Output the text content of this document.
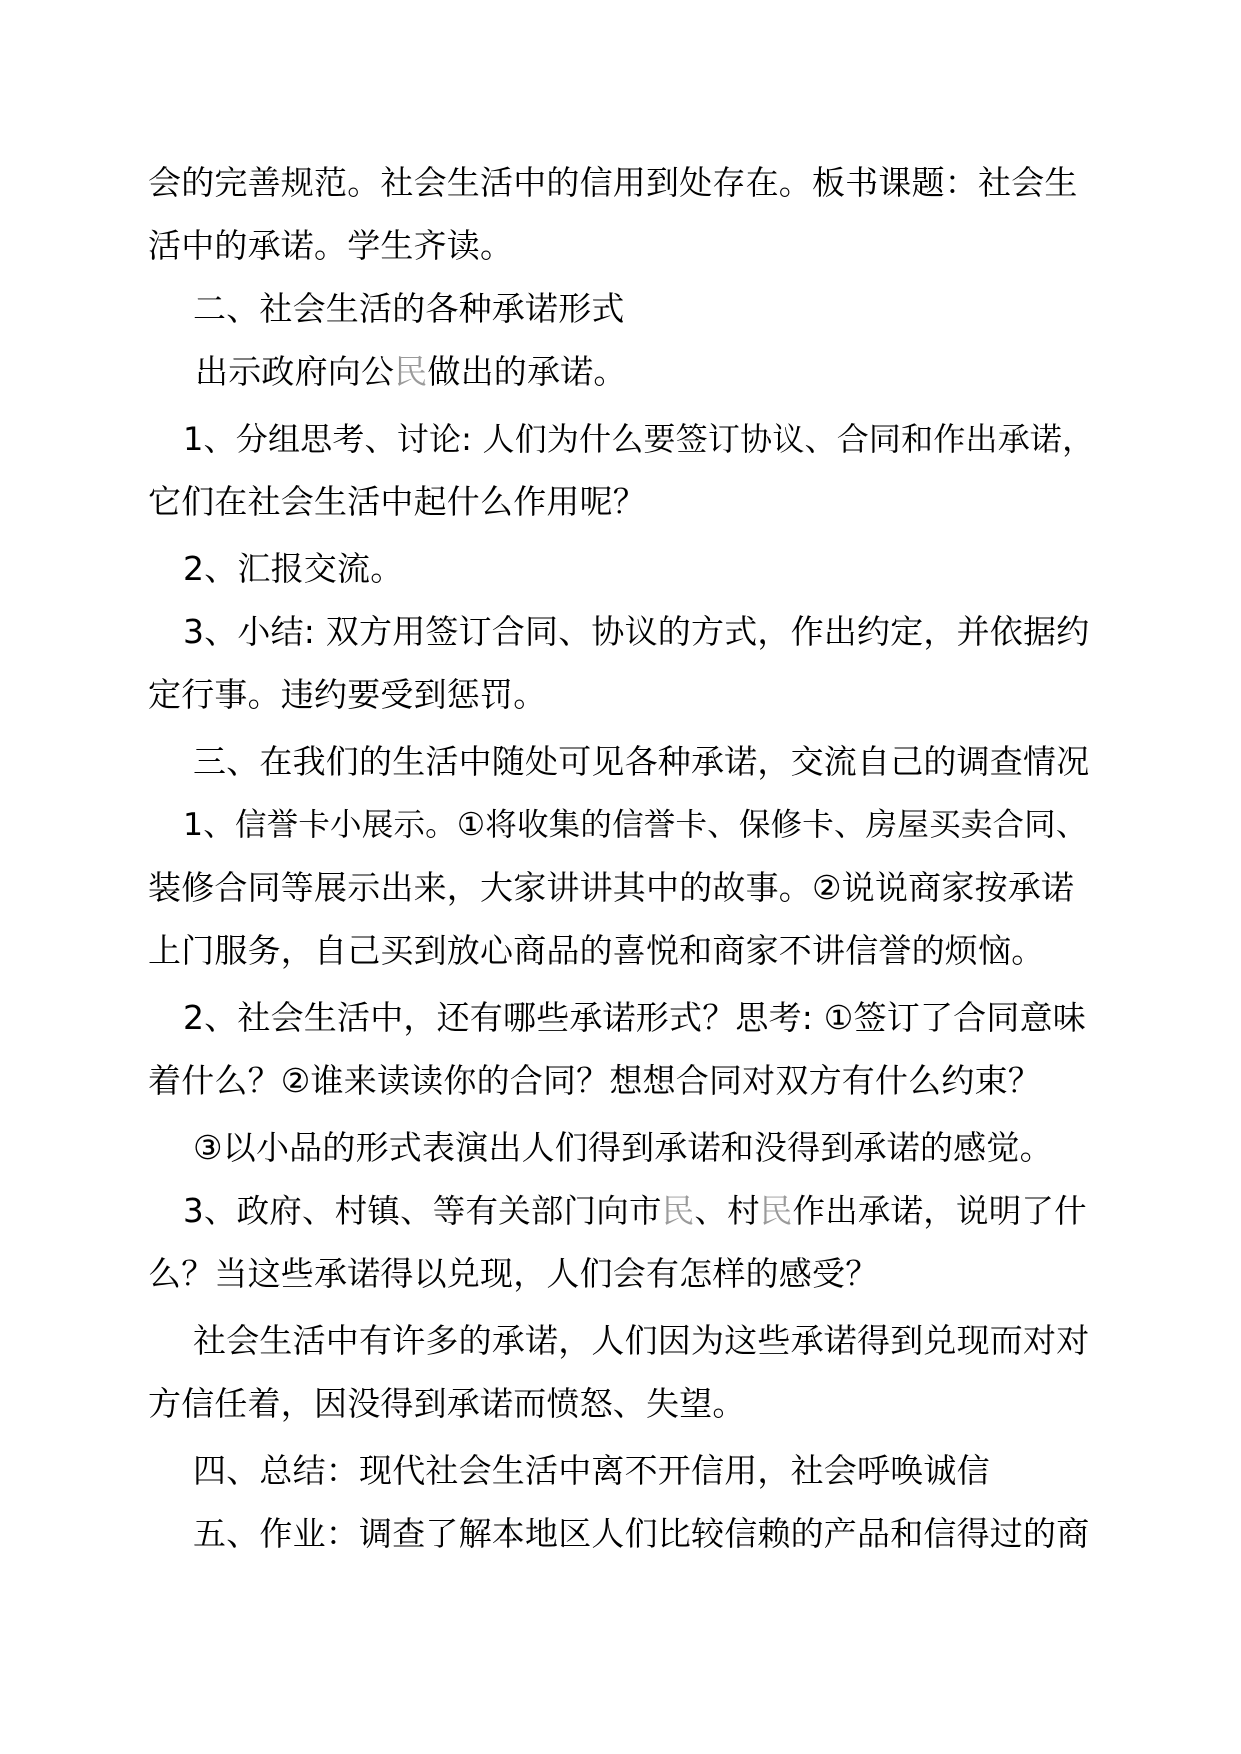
会的完善规范。社会生活中的信用到处存在。板书课题：社会生
活中的承诺。学生齐读。
二、社会生活的各种承诺形式
出示政府向公民做出的承诺。
1、分组思考、讨论: 人们为什么要签订协议、合同和作出承诺，
它们在社会生活中起什么作用呢？
2、汇报交流。
3、小结: 双方用签订合同、协议的方式，作出约定，并依据约
定行事。违约要受到惩罚。
三、在我们的生活中随处可见各种承诺，交流自己的调查情况
1、信誉卡小展示。①将收集的信誉卡、保修卡、房屋买卖合同、
装修合同等展示出来，大家讲讲其中的故事。②说说商家按承诺
上门服务，自己买到放心商品的喜悦和商家不讲信誉的烦恼。
2、社会生活中，还有哪些承诺形式？思考: ①签订了合同意味
着什么？②谁来读读你的合同？想想合同对双方有什么约束？
③以小品的形式表演出人们得到承诺和没得到承诺的感觉。
3、政府、村镇、等有关部门向市民、村民作出承诺，说明了什
么？当这些承诺得以兑现，人们会有怎样的感受？
社会生活中有许多的承诺，人们因为这些承诺得到兑现而对对
方信任着，因没得到承诺而愤怒、失望。
四、总结：现代社会生活中离不开信用，社会呼唤诚信
五、作业：调查了解本地区人们比较信赖的产品和信得过的商
